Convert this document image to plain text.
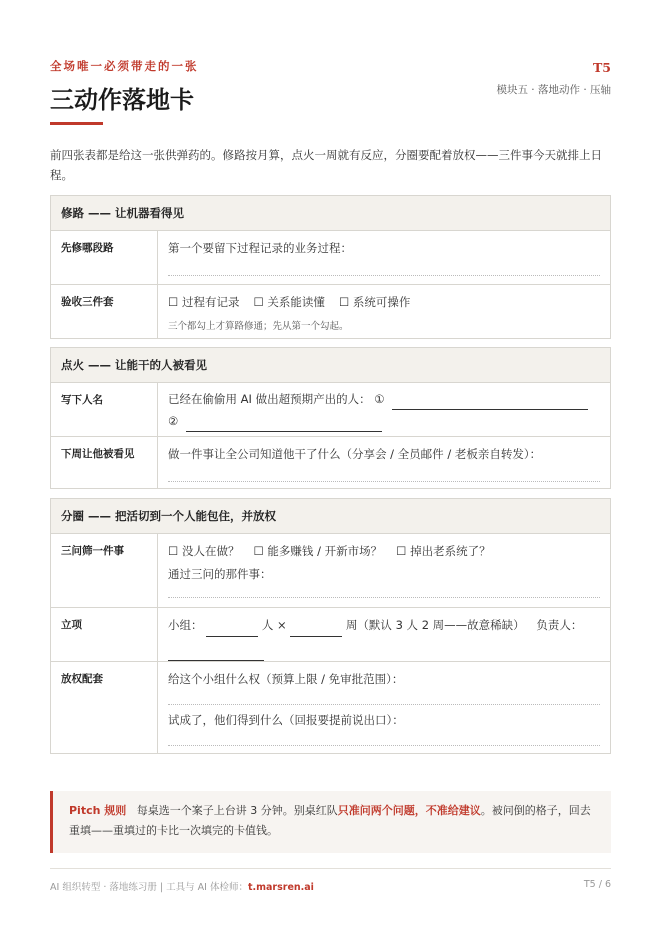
全场唯一必须带走的一张	T5
三动作落地卡	模块五 · 落地动作 · 压轴

前四张表都是给这一张供弹药的。修路按月算，点火一周就有反应，分圈要配着放权——三件事今天就排上日程。

修路 —— 让机器看得见
先修哪段路	第一个要留下过程记录的业务过程：
验收三件套	☐ 过程有记录 ☐ 关系能读懂 ☐ 系统可操作
三个都勾上才算路修通；先从第一个勾起。
点火 —— 让能干的人被看见
写下人名	已经在偷偷用 AI 做出超预期产出的人： ①
②
下周让他被看见	做一件事让全公司知道他干了什么（分享会 / 全员邮件 / 老板亲自转发）：
分圈 —— 把活切到一个人能包住，并放权
三问筛一件事	☐ 没人在做？ ☐ 能多赚钱 / 开新市场？ ☐ 掉出老系统了？
通过三问的那件事：
立项	小组：	人 ×	周（默认 3 人 2 周——故意稀缺） 负责人：
放权配套	给这个小组什么权（预算上限 / 免审批范围）：
试成了，他们得到什么（回报要提前说出口）：
Pitch 规则 每桌选一个案子上台讲 3 分钟。别桌红队只准问两个问题，不准给建议。被问倒的格子，回去重填——重填过的卡比一次填完的卡值钱。
AI 组织转型 · 落地练习册 | 工具与 AI 体检师：t.marsren.ai	T5 / 6
